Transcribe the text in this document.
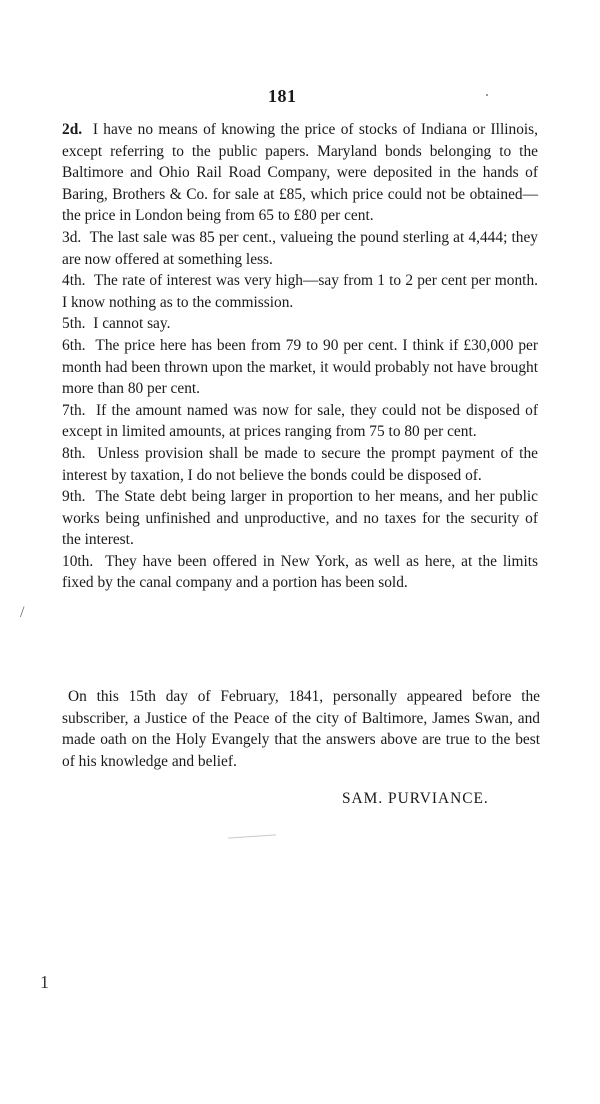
181

2d. I have no means of knowing the price of stocks of Indiana or Illinois, except referring to the public papers. Maryland bonds belonging to the Baltimore and Ohio Rail Road Company, were deposited in the hands of Baring, Brothers & Co. for sale at £85, which price could not be obtained—the price in London being from 65 to £80 per cent.

3d. The last sale was 85 per cent., valueing the pound sterling at 4,444; they are now offered at something less.

4th. The rate of interest was very high—say from 1 to 2 per cent per month. I know nothing as to the commission.

5th. I cannot say.

6th. The price here has been from 79 to 90 per cent. I think if £30,000 per month had been thrown upon the market, it would probably not have brought more than 80 per cent.

7th. If the amount named was now for sale, they could not be disposed of except in limited amounts, at prices ranging from 75 to 80 per cent.

8th. Unless provision shall be made to secure the prompt payment of the interest by taxation, I do not believe the bonds could be disposed of.

9th. The State debt being larger in proportion to her means, and her public works being unfinished and unproductive, and no taxes for the security of the interest.

10th. They have been offered in New York, as well as here, at the limits fixed by the canal company and a portion has been sold.

/

On this 15th day of February, 1841, personally appeared before the subscriber, a Justice of the Peace of the city of Baltimore, James Swan, and made oath on the Holy Evangely that the answers above are true to the best of his knowledge and belief.

SAM. PURVIANCE.
1
